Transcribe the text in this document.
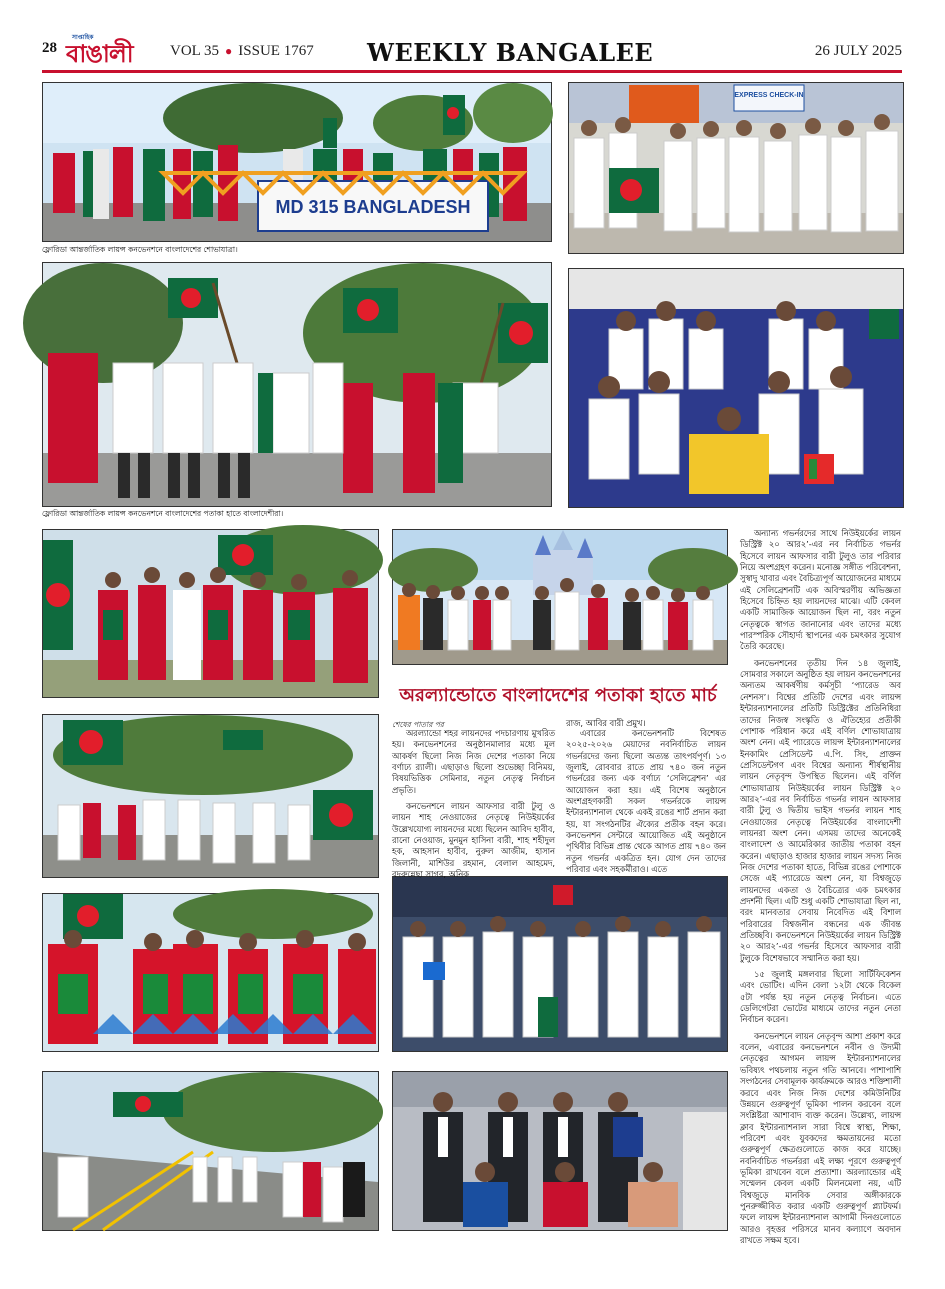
28
সাপ্তাহিক
বাঙালী VOL 35 ● ISSUE 1767 WEEKLY BANGALEE	26 JULY 2025
MD 315 BANGLADESH
ফ্লোরিডা আন্তর্জাতিক লায়ন্স কনভেনশনে বাংলাদেশের শোভাযাত্রা।
EXPRESS CHECK-IN
ফ্লোরিডা আন্তর্জাতিক লায়ন্স কনভেনশনে বাংলাদেশের পতাকা হাতে বাংলাদেশীরা।
অরল্যান্ডোতে বাংলাদেশের পতাকা হাতে মার্চ
শেষের পাতার পর	রাজ, আবির বারী প্রমুখ।

অরল্যান্ডো শহর লায়নদের পদচারণায় মুখরিত হয়। কনভেনশনের অনুষ্ঠানমালার মধ্যে মূল আকর্ষণ ছিলো নিজ নিজ দেশের পতাকা নিয়ে বর্ণাঢ্য র‌্যালী। এছাড়াও ছিলো শুভেচ্ছা বিনিময়, বিষয়ভিত্তিক সেমিনার, নতুন নেতৃত্ব নির্বাচন প্রভৃতি।

কনভেনশনে লায়ন আফসার বারী টুলু ও লায়ন শাহ নেওয়াজের নেতৃত্বে নিউইয়র্কের উল্লেখযোগ্য লায়নদের মধ্যে ছিলেন আবিদ হাবীব, রানো নেওয়াজ, মুনমুন হাসিনা বারী, শাহ শহীদুল হক, আহসান হাবীব, নুরুল আজীম, হাসান জিলানী, মাশিউর রহমান, বেলাল আহমেদ, বদরুন্নেছা সাগর, অনিক

এবারের কনভেনশনটি বিশেষত ২০২৫-২০২৬ মেয়াদের নবনির্বাচিত লায়ন গভর্নরদের জন্য ছিলো অত্যন্ত তাৎপর্যপূর্ণ। ১৩ জুলাই, রোববার রাতে প্রায় ৭৪০ জন নতুন গভর্নরের জন্য এক বর্ণাঢ্য ‘সেলিব্রেশন’ এর আয়োজন করা হয়। এই বিশেষ অনুষ্ঠানে অংশগ্রহণকারী সকল গভর্নরকে লায়ন্স ইন্টারন্যাশনাল থেকে একই রঙের শার্ট প্রদান করা হয়, যা সংগঠনটির ঐক্যের প্রতীক বহন করে। কনভেনশন সেন্টারে আয়োজিত এই অনুষ্ঠানে পৃথিবীর বিভিন্ন প্রান্ত থেকে আগত প্রায় ৭৪০ জন নতুন গভর্নর একত্রিত হন। যোগ দেন তাদের পরিবার এবং সহকর্মীরাও। এতে

অন্যান্য গভর্নরদের সাথে নিউইয়র্কের লায়ন ডিস্ট্রিক্ট ২০ আর২’-এর নব নির্বাচিত গভর্নর হিসেবে লায়ন আফসার বারী টুলুও তার পরিবার নিয়ে অংশগ্রহণ করেন। মনোজ্ঞ সঙ্গীত পরিবেশনা, সুস্বাদু খাবার এবং বৈচিত্র্যপূর্ণ আয়োজনের মাধ্যমে এই সেলিব্রেশনটি এক অবিস্মরণীয় অভিজ্ঞতা হিসেবে চিহ্নিত হয় লায়নদের মাঝে। এটি কেবল একটি সামাজিক আয়োজন ছিল না, বরং নতুন নেতৃত্বকে স্বাগত জানানোর এবং তাদের মধ্যে পারস্পরিক সৌহার্দ্য স্থাপনের এক চমৎকার সুযোগ তৈরি করেছে।

কনভেনশনের তৃতীয় দিন ১৪ জুলাই, সোমবার সকালে অনুষ্ঠিত হয় লায়ন কনভেনশনের অন্যতম আকর্ষণীয় কর্মসূচী ‘প্যারেড অব নেশনস’। বিশ্বের প্রতিটি দেশের এবং লায়ন্স ইন্টারন্যাশনালের প্রতিটি ডিস্ট্রিক্টের প্রতিনিধিরা তাদের নিজস্ব সংস্কৃতি ও ঐতিহ্যের প্রতীকী পোশাক পরিধান করে এই বর্ণিল শোভাযাত্রায় অংশ নেন। এই প্যারেডে লায়ন্স ইন্টারন্যাশনালের ইনকামিং প্রেসিডেন্ট এ.পি. সিং, প্রাক্তন প্রেসিডেন্টগণ এবং বিশ্বের অন্যান্য শীর্ষস্থানীয় লায়ন নেতৃবৃন্দ উপস্থিত ছিলেন। এই বর্ণিল শোভাযাত্রায় নিউইয়র্কের লায়ন ডিস্ট্রিক্ট ২০ আর২’-এর নব নির্বাচিত গভর্নর লায়ন আফসার বারী টুলু ও দ্বিতীয় ভাইস গভর্নর লায়ন শাহ নেওয়াজের নেতৃত্বে নিউইয়র্কের বাংলাদেশী লায়নরা অংশ নেন। এসময় তাদের অনেকেই বাংলাদেশ ও আমেরিকার জাতীয় পতাকা বহন করেন। এছাড়াও হাজার হাজার লায়ন সদস্য নিজ নিজ দেশের পতাকা হাতে, বিভিন্ন রঙের পোশাকে সেজে এই প্যারেডে অংশ নেন, যা বিশ্বজুড়ে লায়নদের একতা ও বৈচিত্র্যের এক চমৎকার প্রদর্শনী ছিল। এটি শুধু একটি শোভাযাত্রা ছিল না, বরং মানবতার সেবায় নিবেদিত এই বিশাল পরিবারের বিশ্বজনীন বন্ধনের এক জীবন্ত প্রতিচ্ছবি। কনভেনশনে নিউইয়র্কের লায়ন ডিস্ট্রিক্ট ২০ আর২’-এর গভর্নর হিসেবে আফসার বারী টুলুকে বিশেষভাবে সম্মানিত করা হয়।

১৫ জুলাই মঙ্গলবার ছিলো সার্টিফিকেশন এবং ভোটিং। এদিন বেলা ১২টা থেকে বিকেল ৫টা পর্যন্ত হয় নতুন নেতৃত্ব নির্বাচন। এতে ডেলিগেটরা ভোটের মাধ্যমে তাদের নতুন নেতা নির্বাচন করেন।

কনভেনশনে লায়ন নেতৃবৃন্দ আশা প্রকাশ করে বলেন, এবারের কনভেনশনে নবীন ও উদ্যমী নেতৃত্বের আগমন লায়ন্স ইন্টারন্যাশনালের ভবিষ্যৎ পথচলায় নতুন গতি আনবে। পাশাপাশি সংগঠনের সেবামূলক কার্যক্রমকে আরও শক্তিশালী করবে এবং নিজ নিজ দেশের কমিউনিটির উন্নয়নে গুরুত্বপূর্ণ ভূমিকা পালন করবেন বলে সংশ্লিষ্টরা আশাবাদ ব্যক্ত করেন। উল্লেখ্য, লায়ন্স ক্লাব ইন্টারন্যাশনাল সারা বিশ্বে স্বাস্থ্য, শিক্ষা, পরিবেশ এবং যুবকদের ক্ষমতায়নের মতো গুরুত্বপূর্ণ ক্ষেত্রগুলোতে কাজ করে যাচ্ছে। নবনির্বাচিত গভর্নররা এই লক্ষ্য পূরণে গুরুত্বপূর্ণ ভূমিকা রাখবেন বলে প্রত্যাশা। অরল্যান্ডোর এই সম্মেলন কেবল একটি মিলনমেলা নয়, এটি বিশ্বজুড়ে মানবিক সেবার অঙ্গীকারকে পুনরুজ্জীবিত করার একটি গুরুত্বপূর্ণ প্ল্যাটফর্ম। ফলে লায়ন্স ইন্টারন্যাশনাল আগামী দিনগুলোতে আরও বৃহত্তর পরিসরে মানব কল্যাণে অবদান রাখতে সক্ষম হবে।
